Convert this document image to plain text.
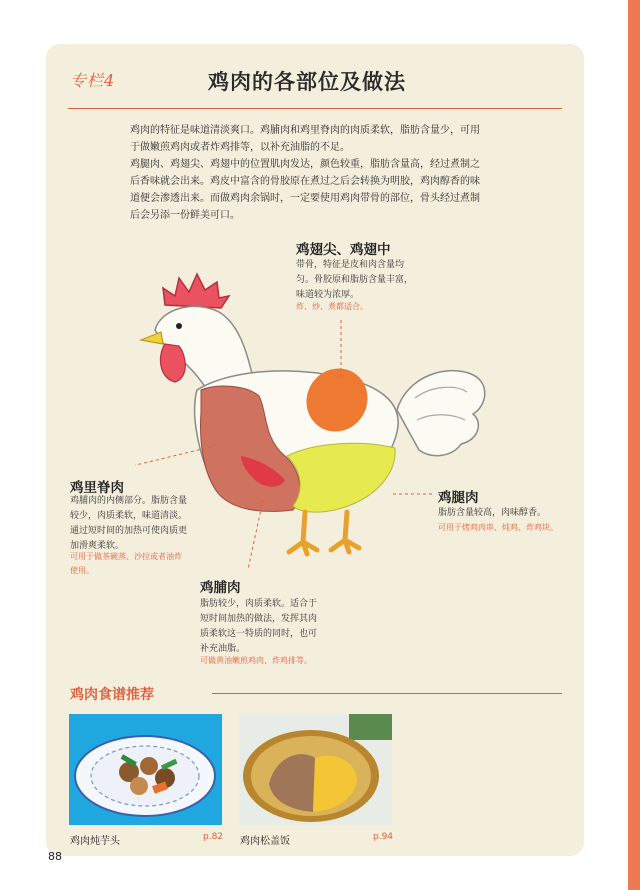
专栏4	鸡肉的各部位及做法

鸡肉的特征是味道清淡爽口。鸡脯肉和鸡里脊肉的肉质柔软，脂肪含量少，可用

于做嫩煎鸡肉或者炸鸡排等，以补充油脂的不足。

鸡腿肉、鸡翅尖、鸡翅中的位置肌肉发达，颜色较重，脂肪含量高，经过煮制之

后香味就会出来。鸡皮中富含的骨胶原在煮过之后会转换为明胶，鸡肉醇香的味

道便会渗透出来。而做鸡肉余锅时，一定要使用鸡肉带骨的部位，骨头经过煮制

后会另添一份鲜美可口。

鸡翅尖、鸡翅中
带骨，特征是皮和肉含量均
匀。骨胶原和脂肪含量丰富，
味道较为浓厚。
炸、炒、煮都适合。
鸡里脊肉
鸡脯肉的内侧部分。脂肪含量
较少，肉质柔软，味道清淡。
通过短时间的加热可使肉质更
加滑爽柔软。
可用于做茶碗蒸、沙拉或者油炸
使用。
鸡腿肉
脂肪含量较高，肉味醇香。
可用于烤鸡肉串、炖鸡、炸鸡块。
鸡脯肉
脂肪较少，肉质柔软。适合于
短时间加热的做法，发挥其肉
质柔软这一特质的同时，也可
补充油脂。
可做黄油嫩煎鸡肉、炸鸡排等。
鸡肉食谱推荐
鸡肉炖芋头	p.82 鸡肉松盖饭	p.94
88
